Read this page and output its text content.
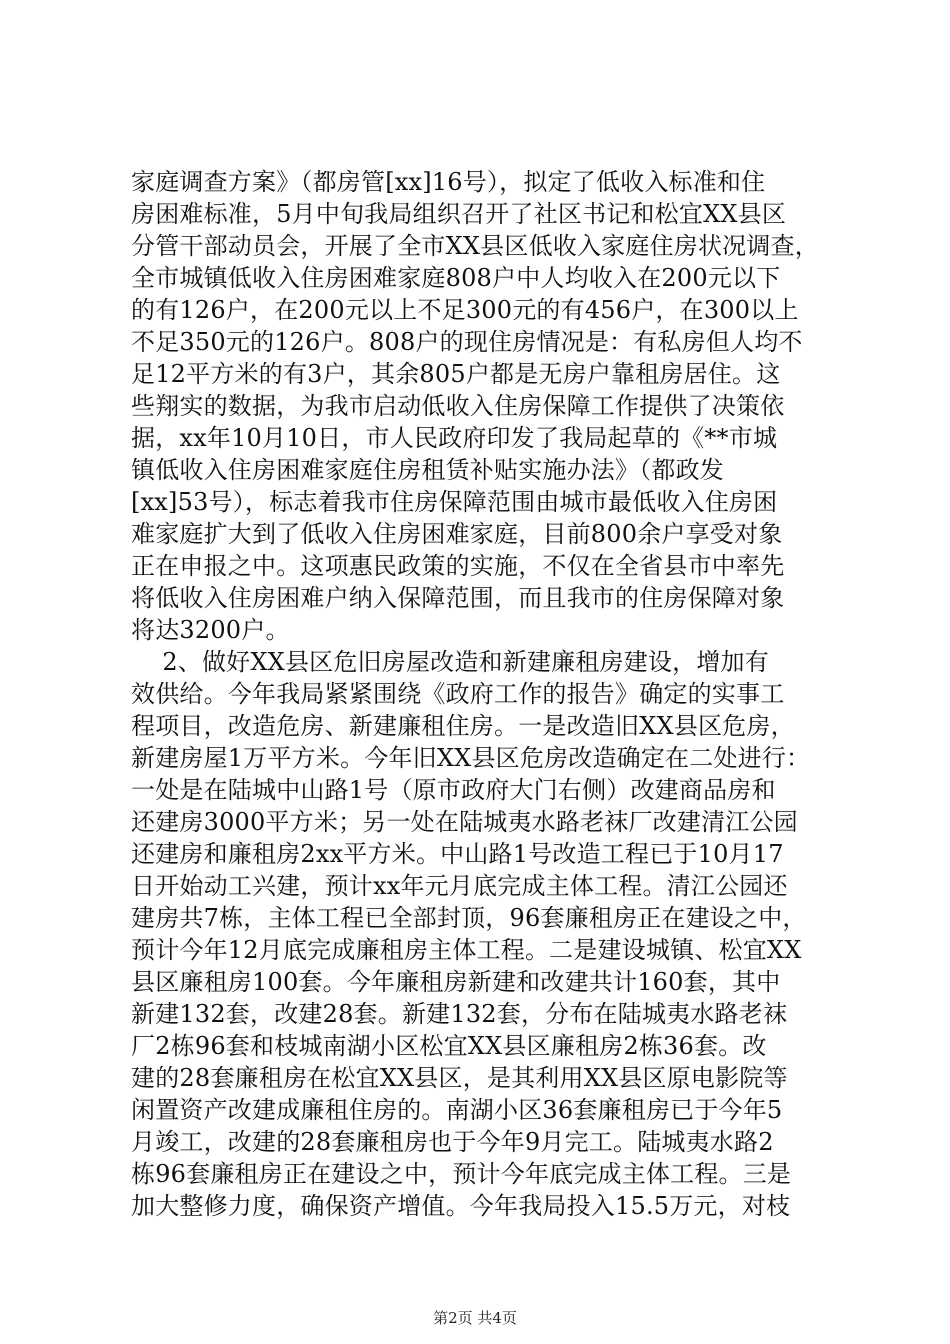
家庭调查方案》（都房管[xx]16号），拟定了低收入标准和住
房困难标准，5月中旬我局组织召开了社区书记和松宜XX县区
分管干部动员会，开展了全市XX县区低收入家庭住房状况调查，
全市城镇低收入住房困难家庭808户中人均收入在200元以下
的有126户，在200元以上不足300元的有456户，在300以上
不足350元的126户。808户的现住房情况是：有私房但人均不
足12平方米的有3户，其余805户都是无房户靠租房居住。这
些翔实的数据，为我市启动低收入住房保障工作提供了决策依
据，xx年10月10日，市人民政府印发了我局起草的《**市城
镇低收入住房困难家庭住房租赁补贴实施办法》（都政发
[xx]53号），标志着我市住房保障范围由城市最低收入住房困
难家庭扩大到了低收入住房困难家庭，目前800余户享受对象
正在申报之中。这项惠民政策的实施，不仅在全省县市中率先
将低收入住房困难户纳入保障范围，而且我市的住房保障对象
将达3200户。
2、做好XX县区危旧房屋改造和新建廉租房建设，增加有
效供给。今年我局紧紧围绕《政府工作的报告》确定的实事工
程项目，改造危房、新建廉租住房。一是改造旧XX县区危房，
新建房屋1万平方米。今年旧XX县区危房改造确定在二处进行：
一处是在陆城中山路1号（原市政府大门右侧）改建商品房和
还建房3000平方米；另一处在陆城夷水路老袜厂改建清江公园
还建房和廉租房2xx平方米。中山路1号改造工程已于10月17
日开始动工兴建，预计xx年元月底完成主体工程。清江公园还
建房共7栋，主体工程已全部封顶，96套廉租房正在建设之中，
预计今年12月底完成廉租房主体工程。二是建设城镇、松宜XX
县区廉租房100套。今年廉租房新建和改建共计160套，其中
新建132套，改建28套。新建132套，分布在陆城夷水路老袜
厂2栋96套和枝城南湖小区松宜XX县区廉租房2栋36套。改
建的28套廉租房在松宜XX县区，是其利用XX县区原电影院等
闲置资产改建成廉租住房的。南湖小区36套廉租房已于今年5
月竣工，改建的28套廉租房也于今年9月完工。陆城夷水路2
栋96套廉租房正在建设之中，预计今年底完成主体工程。三是
加大整修力度，确保资产增值。今年我局投入15.5万元，对枝
第2页 共4页
